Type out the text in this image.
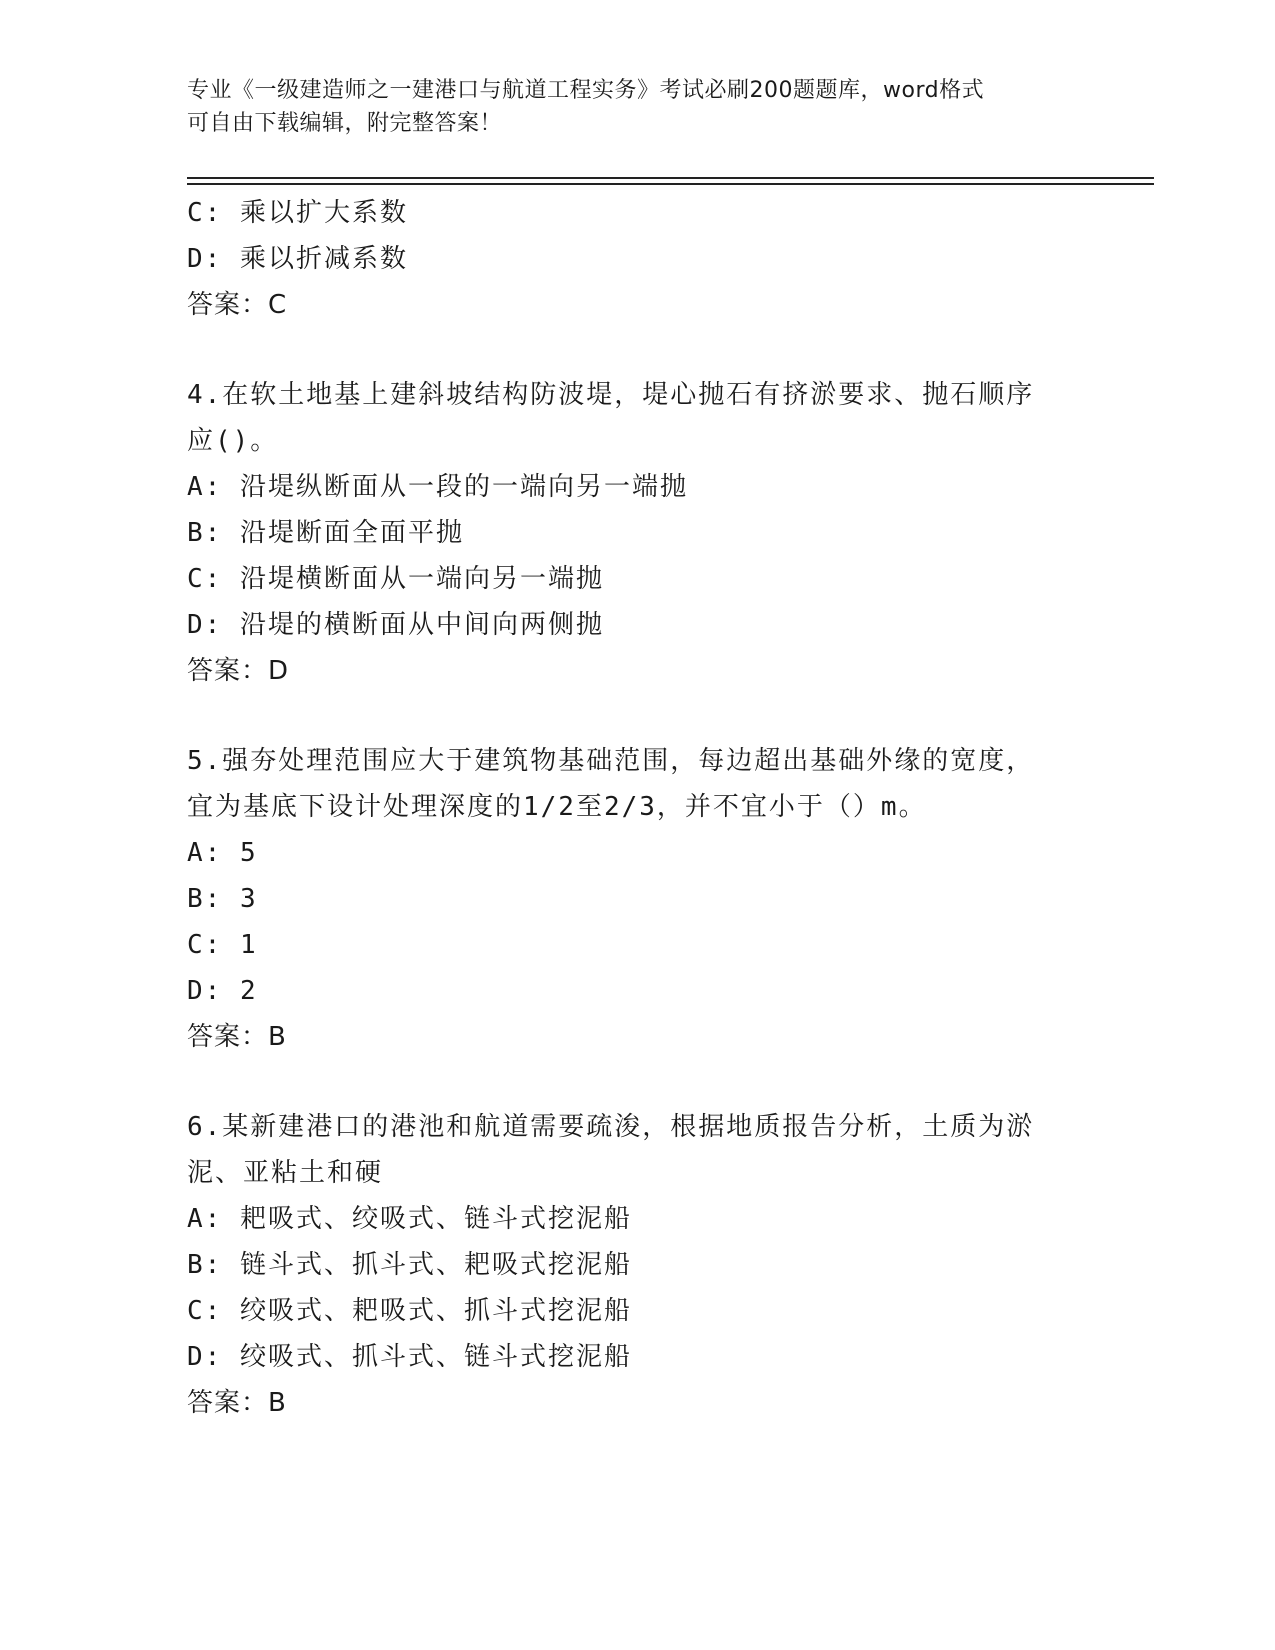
专业《一级建造师之一建港口与航道工程实务》考试必刷200题题库，word格式
可自由下载编辑，附完整答案！
C: 乘以扩大系数
D: 乘以折减系数
答案：C
4.在软土地基上建斜坡结构防波堤，堤心抛石有挤淤要求、抛石顺序
应()。
A: 沿堤纵断面从一段的一端向另一端抛
B: 沿堤断面全面平抛
C: 沿堤横断面从一端向另一端抛
D: 沿堤的横断面从中间向两侧抛
答案：D
5.强夯处理范围应大于建筑物基础范围，每边超出基础外缘的宽度，
宜为基底下设计处理深度的1/2至2/3，并不宜小于（）m。
A: 5
B: 3
C: 1
D: 2
答案：B
6.某新建港口的港池和航道需要疏浚，根据地质报告分析，土质为淤
泥、亚粘土和硬
A: 耙吸式、绞吸式、链斗式挖泥船
B: 链斗式、抓斗式、耙吸式挖泥船
C: 绞吸式、耙吸式、抓斗式挖泥船
D: 绞吸式、抓斗式、链斗式挖泥船
答案：B
